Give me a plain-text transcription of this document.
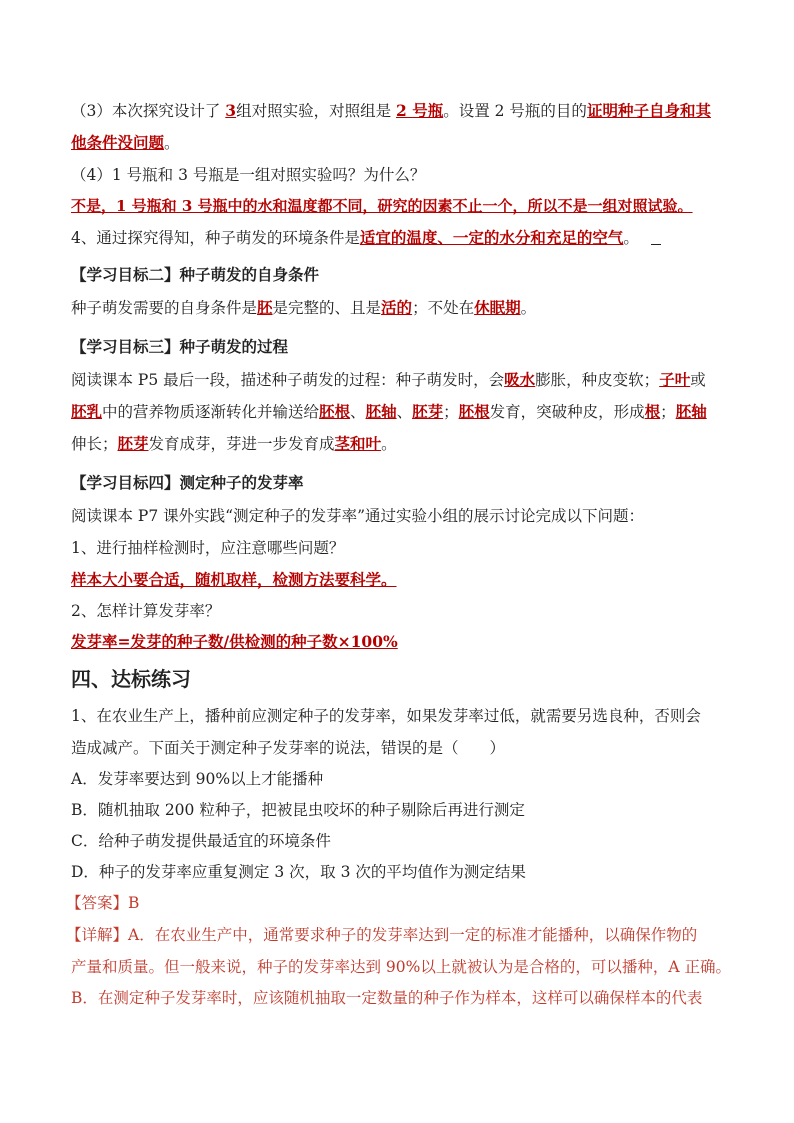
（3）本次探究设计了 3组对照实验，对照组是 2 号瓶。设置 2 号瓶的目的证明种子自身和其
他条件没问题。
（4）1 号瓶和 3 号瓶是一组对照实验吗？为什么？
不是，1 号瓶和 3 号瓶中的水和温度都不同，研究的因素不止一个，所以不是一组对照试验。
4、通过探究得知，种子萌发的环境条件是适宜的温度、一定的水分和充足的空气。
【学习目标二】种子萌发的自身条件
种子萌发需要的自身条件是胚是完整的、且是活的；不处在休眠期。
【学习目标三】种子萌发的过程
阅读课本 P5 最后一段，描述种子萌发的过程：种子萌发时，会吸水膨胀，种皮变软；子叶或
胚乳中的营养物质逐渐转化并输送给胚根、胚轴、胚芽；胚根发育，突破种皮，形成根；胚轴
伸长；胚芽发育成芽，芽进一步发育成茎和叶。
【学习目标四】测定种子的发芽率
阅读课本 P7 课外实践“测定种子的发芽率”通过实验小组的展示讨论完成以下问题：
1、进行抽样检测时，应注意哪些问题？
样本大小要合适，随机取样，检测方法要科学。
2、怎样计算发芽率？
发芽率=发芽的种子数/供检测的种子数×100%
四、达标练习
1、在农业生产上，播种前应测定种子的发芽率，如果发芽率过低，就需要另选良种，否则会
造成减产。下面关于测定种子发芽率的说法，错误的是（　　）
A．发芽率要达到 90%以上才能播种
B．随机抽取 200 粒种子，把被昆虫咬坏的种子剔除后再进行测定
C．给种子萌发提供最适宜的环境条件
D．种子的发芽率应重复测定 3 次，取 3 次的平均值作为测定结果
【答案】B
【详解】A．在农业生产中，通常要求种子的发芽率达到一定的标准才能播种，以确保作物的
产量和质量。但一般来说，种子的发芽率达到 90%以上就被认为是合格的，可以播种，A 正确。
B．在测定种子发芽率时，应该随机抽取一定数量的种子作为样本，这样可以确保样本的代表
